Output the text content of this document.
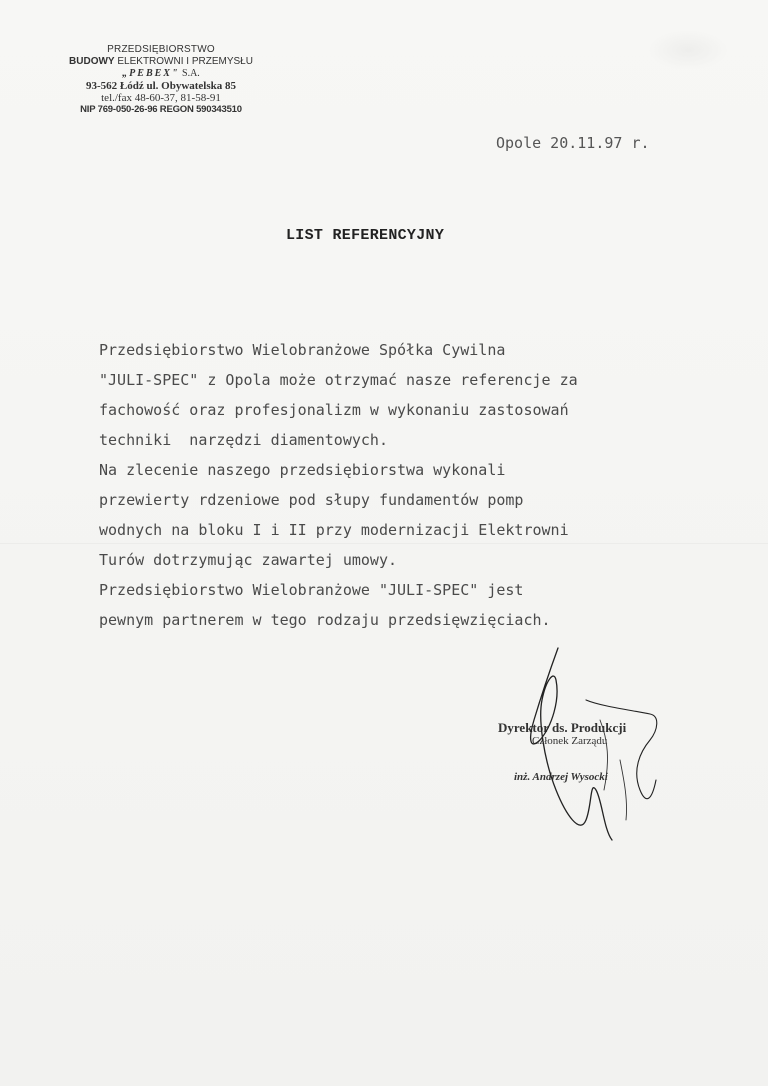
PRZEDSIĘBIORSTWO
BUDOWY ELEKTROWNI I PRZEMYSŁU
„PEBEX" S.A.
93-562 Łódź ul. Obywatelska 85
tel./fax 48-60-37, 81-58-91
NIP 769-050-26-96 REGON 590343510
Opole 20.11.97 r.
LIST REFERENCYJNY
Przedsiębiorstwo Wielobranżowe Spółka Cywilna
"JULI-SPEC" z Opola może otrzymać nasze referencje za
fachowość oraz profesjonalizm w wykonaniu zastosowań
techniki  narzędzi diamentowych.
Na zlecenie naszego przedsiębiorstwa wykonali
przewierty rdzeniowe pod słupy fundamentów pomp
wodnych na bloku I i II przy modernizacji Elektrowni
Turów dotrzymując zawartej umowy.
Przedsiębiorstwo Wielobranżowe "JULI-SPEC" jest
pewnym partnerem w tego rodzaju przedsięwzięciach.
Dyrektor ds. Produkcji
Członek Zarządu
inż. Andrzej Wysocki
